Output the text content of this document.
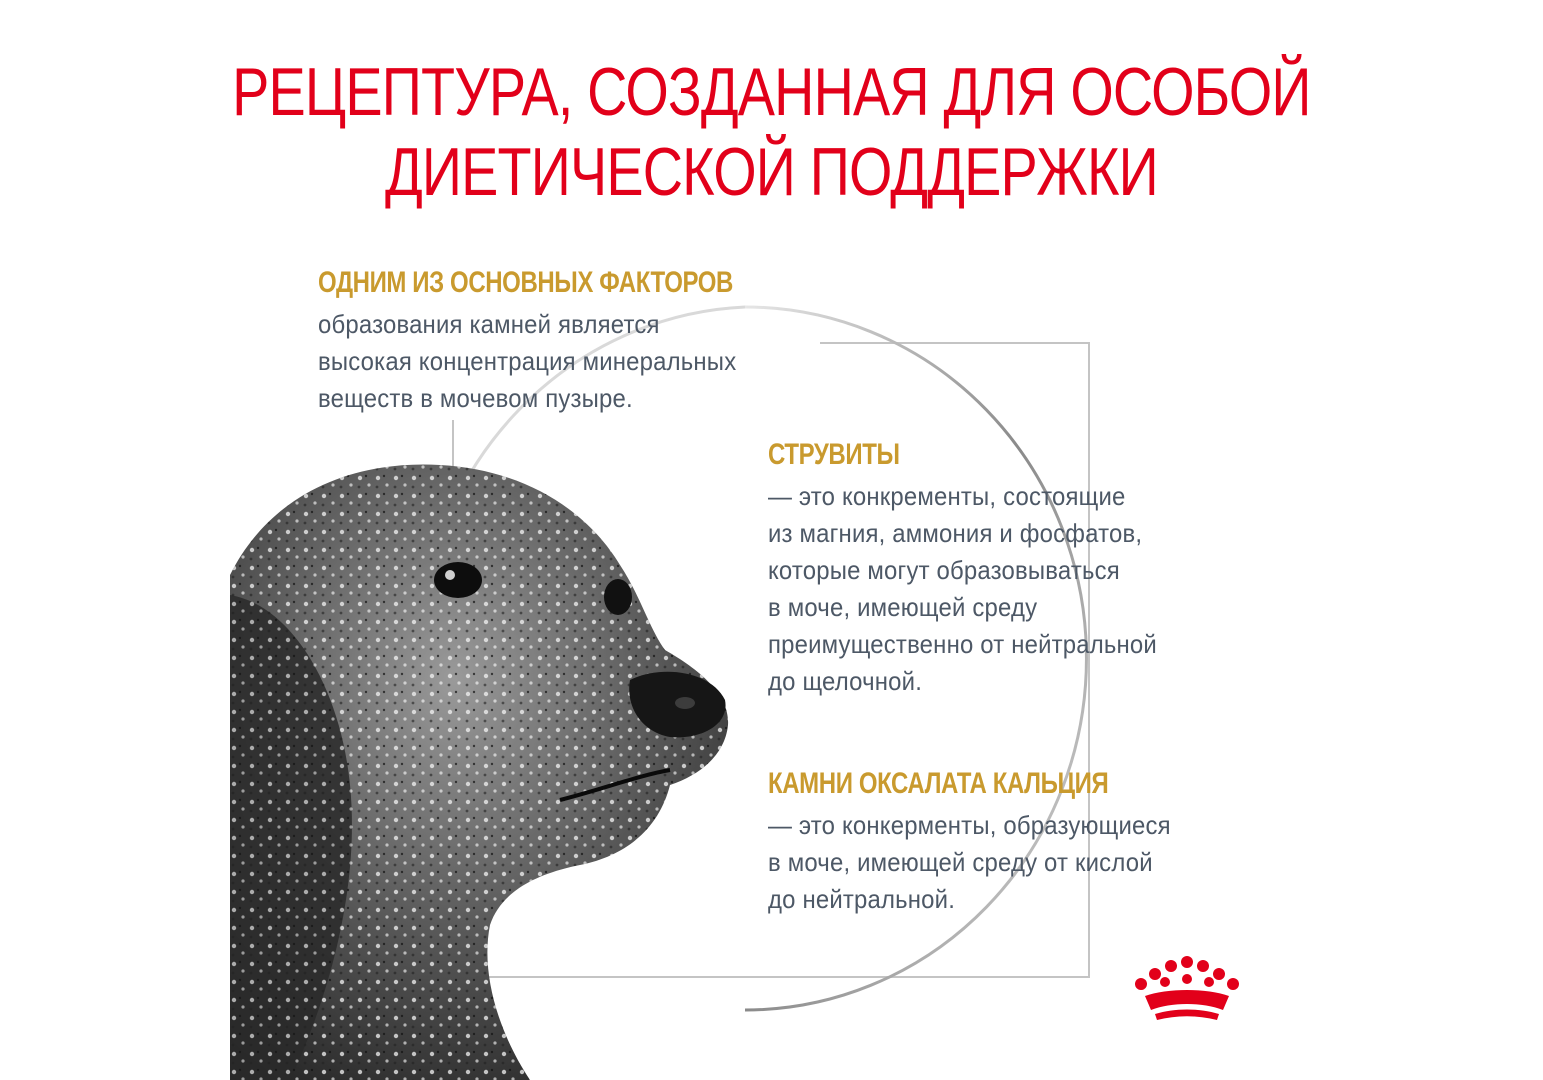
РЕЦЕПТУРА, СОЗДАННАЯ ДЛЯ ОСОБОЙ
ДИЕТИЧЕСКОЙ ПОДДЕРЖКИ
ОДНИМ ИЗ ОСНОВНЫХ ФАКТОРОВ
образования камней является
высокая концентрация минеральных
веществ в мочевом пузыре.
СТРУВИТЫ
— это конкременты, состоящие
из магния, аммония и фосфатов,
которые могут образовываться
в моче, имеющей среду
преимущественно от нейтральной
до щелочной.
КАМНИ ОКСАЛАТА КАЛЬЦИЯ
— это конкерменты, образующиеся
в моче, имеющей среду от кислой
до нейтральной.
